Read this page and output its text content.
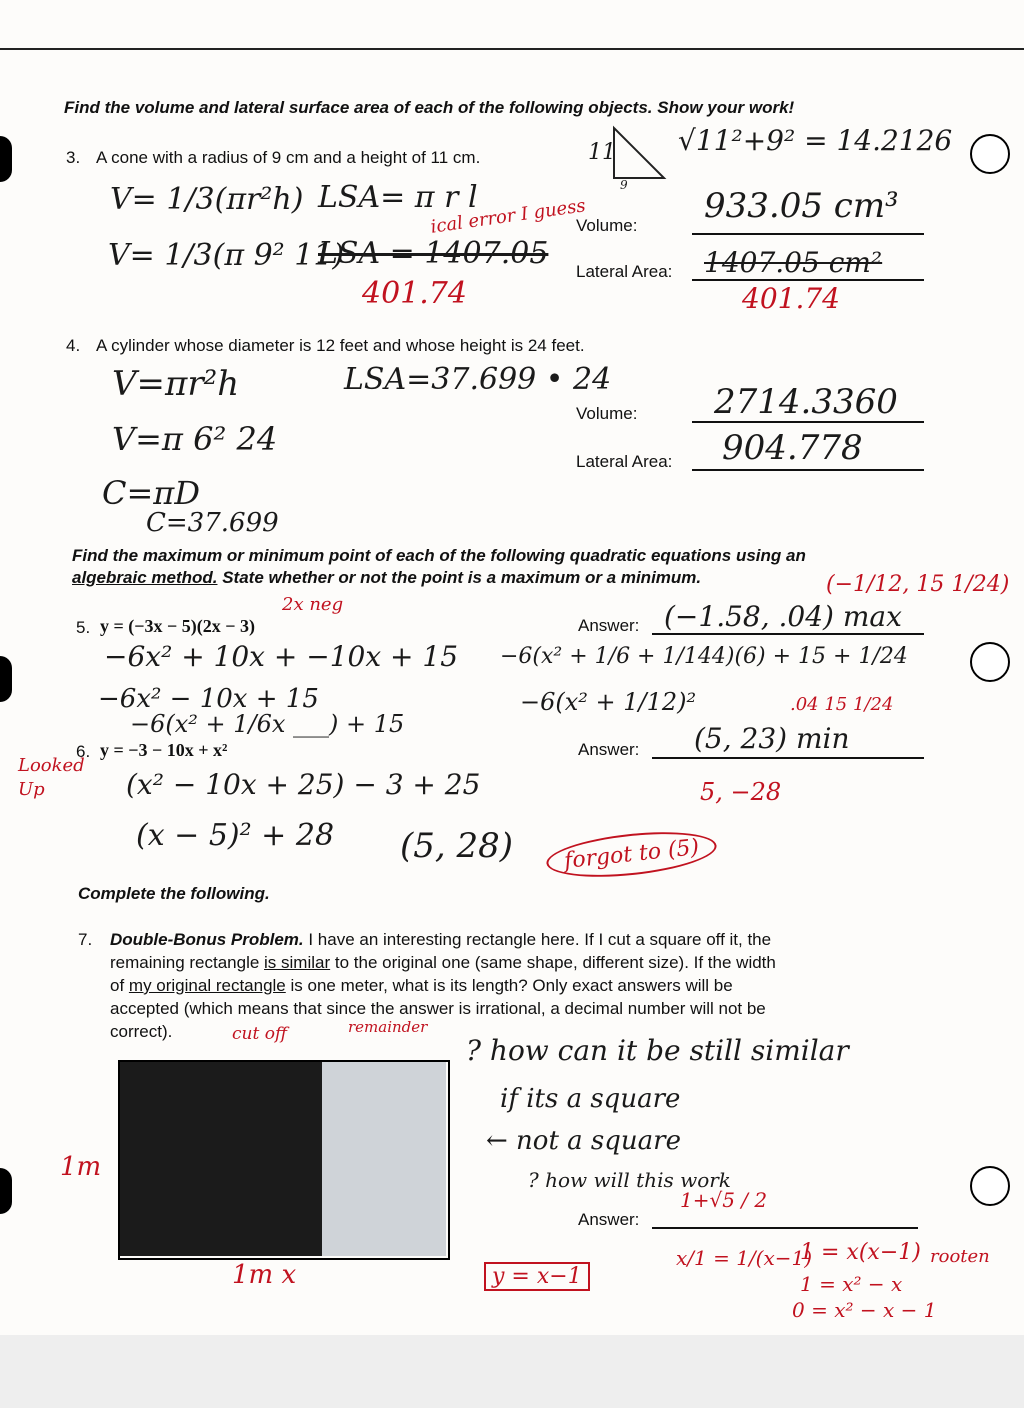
Find the volume and lateral surface area of each of the following objects. Show your work!
3. A cone with a radius of 9 cm and a height of 11 cm.	11
9
√11²+9² = 14.2126
V= 1/3(πr²h)
V= 1/3(π 9² 11)
LSA= π r l
LSA = 1407.05
ical error I guess
401.74
Volume: 933.05 cm³
Lateral Area: 1407.05 cm²
401.74
4. A cylinder whose diameter is 12 feet and whose height is 24 feet.
V=πr²h
V=π 6² 24
LSA=37.699 • 24
C=πD
C=37.699
Volume: 2714.3360
Lateral Area: 904.778
Find the maximum or minimum point of each of the following quadratic equations using an
algebraic method. State whether or not the point is a maximum or a minimum.
5. y = (−3x − 5)(2x − 3)
2x neg
−6x² + 10x + −10x + 15
−6x² − 10x + 15
−6(x² + 1/6x ___) + 15
−6(x² + 1/6 + 1/144)(6) + 15 + 1/24
−6(x² + 1/12)²	.04 15 1/24
Answer: (−1.58, .04) max
(−1/12, 15 1/24)
6. y = −3 − 10x + x²
(x² − 10x + 25) − 3 + 25
(x − 5)² + 28 (5, 28)	forgot to (5)
Answer: (5, 23) min
5, −28
Looked Up
Complete the following.
7. Double-Bonus Problem. I have an interesting rectangle here. If I cut a square off it, the
remaining rectangle is similar to the original one (same shape, different size). If the width
of my original rectangle is one meter, what is its length? Only exact answers will be
accepted (which means that since the answer is irrational, a decimal number will not be
correct).	cut off	remainder
1m
1m x
? how can it be still similar
if its a square
← not a square
? how will this work
Answer:
1+√5 / 2
y = x−1
x/1 = 1/(x−1)
1 = x(x−1)
1 = x² − x
0 = x² − x − 1
rooten
